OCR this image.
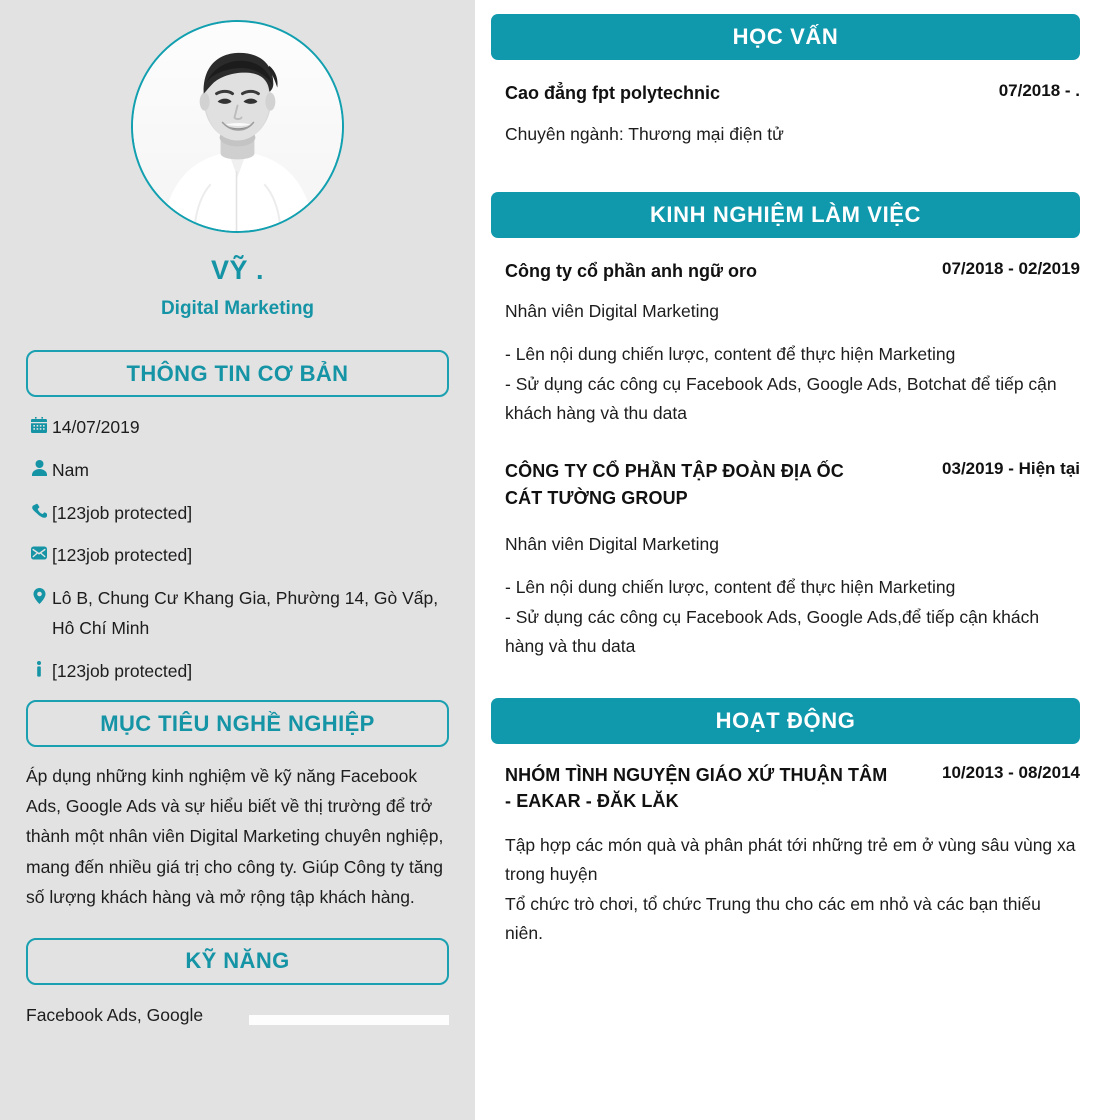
VỸ .
Digital Marketing
THÔNG TIN CƠ BẢN
14/07/2019
Nam
[123job protected]
[123job protected]
Lô B, Chung Cư Khang Gia, Phường 14, Gò Vấp, Hô Chí Minh
[123job protected]
MỤC TIÊU NGHỀ NGHIỆP
Áp dụng những kinh nghiệm về kỹ năng Facebook Ads, Google Ads và sự hiểu biết về thị trường để trở thành một nhân viên Digital Marketing chuyên nghiệp, mang đến nhiều giá trị cho công ty. Giúp Công ty tăng số lượng khách hàng và mở rộng tập khách hàng.
KỸ NĂNG
Facebook Ads, Google
HỌC VẤN
Cao đẳng fpt polytechnic	07/2018 - .
Chuyên ngành: Thương mại điện tử
KINH NGHIỆM LÀM VIỆC
Công ty cổ phần anh ngữ oro	07/2018 - 02/2019
Nhân viên Digital Marketing
- Lên nội dung chiến lược, content để thực hiện Marketing
- Sử dụng các công cụ Facebook Ads, Google Ads, Botchat để tiếp cận khách hàng và thu data
CÔNG TY CỔ PHẦN TẬP ĐOÀN ĐỊA ỐC CÁT TƯỜNG GROUP
03/2019 - Hiện tại
Nhân viên Digital Marketing
- Lên nội dung chiến lược, content để thực hiện Marketing
- Sử dụng các công cụ Facebook Ads, Google Ads,để tiếp cận khách hàng và thu data
HOẠT ĐỘNG
NHÓM TÌNH NGUYỆN GIÁO XỨ THUẬN TÂM - EAKAR - ĐĂK LĂK
10/2013 - 08/2014
Tập hợp các món quà và phân phát tới những trẻ em ở vùng sâu vùng xa trong huyện
Tổ chức trò chơi, tổ chức Trung thu cho các em nhỏ và các bạn thiếu niên.
